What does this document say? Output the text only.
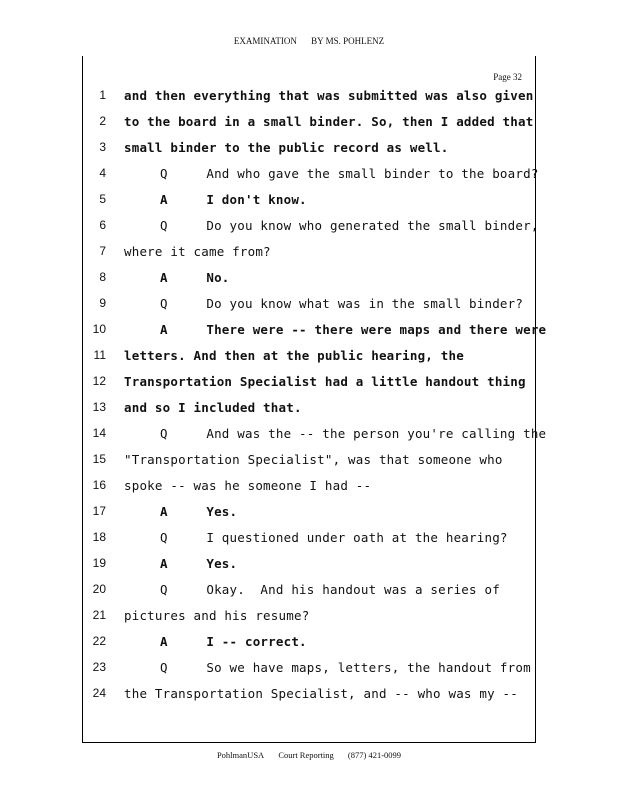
EXAMINATION BY MS. POHLENZ
Page 32
1 and then everything that was submitted was also given
2 to the board in a small binder. So, then I added that
3 small binder to the public record as well.
4	Q     And who gave the small binder to the board?
5	A     I don't know.
6	Q     Do you know who generated the small binder,
7 where it came from?
8	A     No.
9	Q     Do you know what was in the small binder?
10	A     There were -- there were maps and there were
11 letters. And then at the public hearing, the
12 Transportation Specialist had a little handout thing
13 and so I included that.
14	Q     And was the -- the person you're calling the
15 "Transportation Specialist", was that someone who
16 spoke -- was he someone I had --
17	A     Yes.
18	Q     I questioned under oath at the hearing?
19	A     Yes.
20	Q     Okay.  And his handout was a series of
21 pictures and his resume?
22	A     I -- correct.
23	Q     So we have maps, letters, the handout from
24 the Transportation Specialist, and -- who was my --
PohlmanUSA Court Reporting (877) 421-0099
